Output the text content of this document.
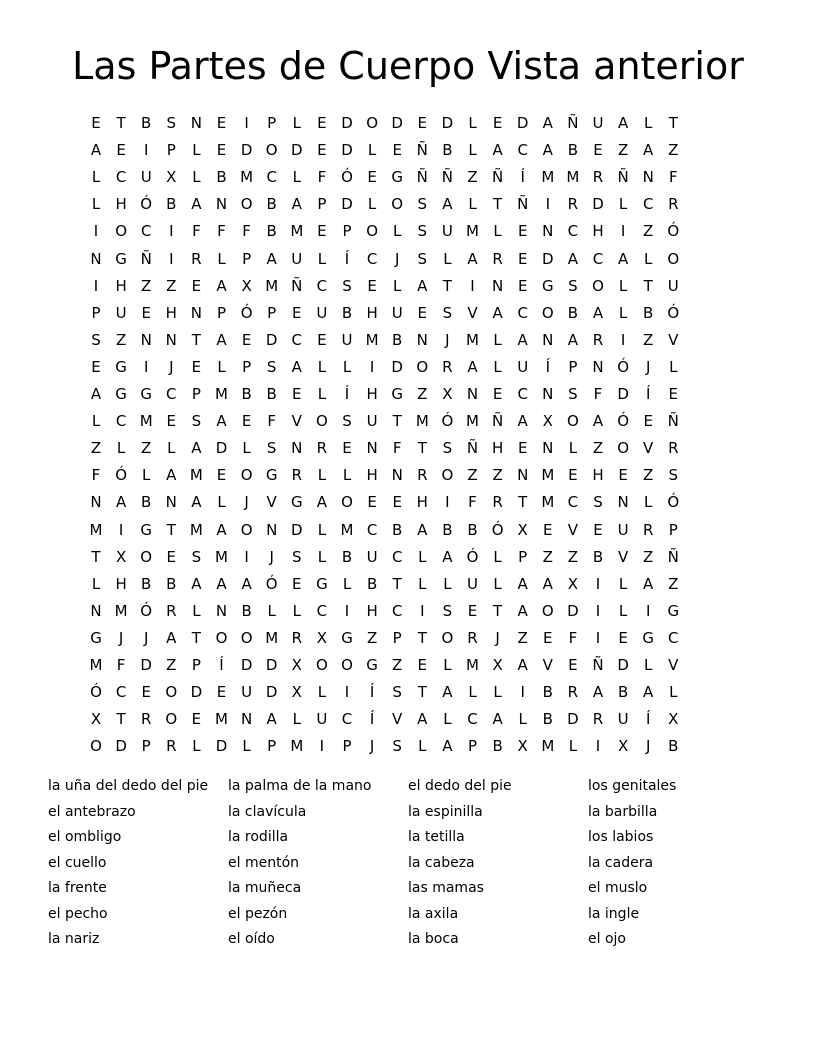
Las Partes de Cuerpo Vista anterior
E	T	B	S N E	I	P	L	E D O D E D	L	E D A Ñ U A	L	T
A	E	I	P	L	E D O D E D	L	E Ñ B	L	A C A B	E	Z A Z
L	C U X	L	B M C	L	F Ó E G Ñ Ñ Z Ñ	Í	M M R Ñ N	F
L	H Ó B A N O B A	P D	L	O S	A	L	T Ñ	I	R D	L	C R
I	O C	I	F	F	F	B M E	P O	L	S U M L	E N C H	I	Z Ó
N G Ñ	I	R	L	P	A U	L	Í	C	J	S	L	A R	E D A C A	L	O
I	H Z Z	E	A X M Ñ C	S	E	L	A	T	I	N E G S O	L	T	U
P	U E H N P Ó P	E U B H U E	S	V A C O B A	L	B Ó
S	Z N N T	A	E D C	E U M B N	J	M L	A N A R	I	Z V
E G	I	J	E	L	P	S	A	L	L	I	D O R A	L	U	Í	P N Ó	J	L
A G G C	P M B B	E	L	Í	H G Z X N E	C N S	F	D	Í	E
L	C M E	S	A	E	F	V O S U	T M Ó M Ñ A X O A Ó E Ñ
Z	L	Z	L	A D	L	S N R	E N	F	T	S Ñ H E N	L	Z O V R
F Ó	L	A M E O G R	L	L	H N R O Z Z N M E H E	Z	S
N A B N A	L	J	V G A O E	E H	I	F	R	T M C	S N	L	Ó
M	I	G T M A O N D	L M C B A B B Ó X	E	V	E U R	P
T	X O E	S M	I	J	S	L	B U C	L	A Ó	L	P	Z Z B V Z Ñ
L	H B B A A A Ó E G	L	B	T	L	L	U	L	A A X	I	L	A Z
N M Ó R	L	N B	L	L	C	I	H C	I	S	E	T	A O D	I	L	I	G
G	J	J	A	T O O M R X G Z	P	T O R	J	Z	E	F	I	E G C
M F	D Z	P	Í	D D X O O G Z	E	L M X A V	E Ñ D	L	V
Ó C	E O D E U D X	L	I	Í	S	T	A	L	L	I	B R A B A	L
X	T	R O E M N A	L	U C	Í	V A	L	C A	L	B D R U	Í	X
O D P	R	L	D	L	P M	I	P	J	S	L	A	P	B X M L	I	X	J	B
la uña del dedo del pie
el antebrazo
el ombligo
el cuello
la frente
el pecho
la nariz
la palma de la mano
la clavícula
la rodilla
el mentón
la muñeca
el pezón
el oído
el dedo del pie
la espinilla
la tetilla
la cabeza
las mamas
la axila
la boca
los genitales
la barbilla
los labios
la cadera
el muslo
la ingle
el ojo
